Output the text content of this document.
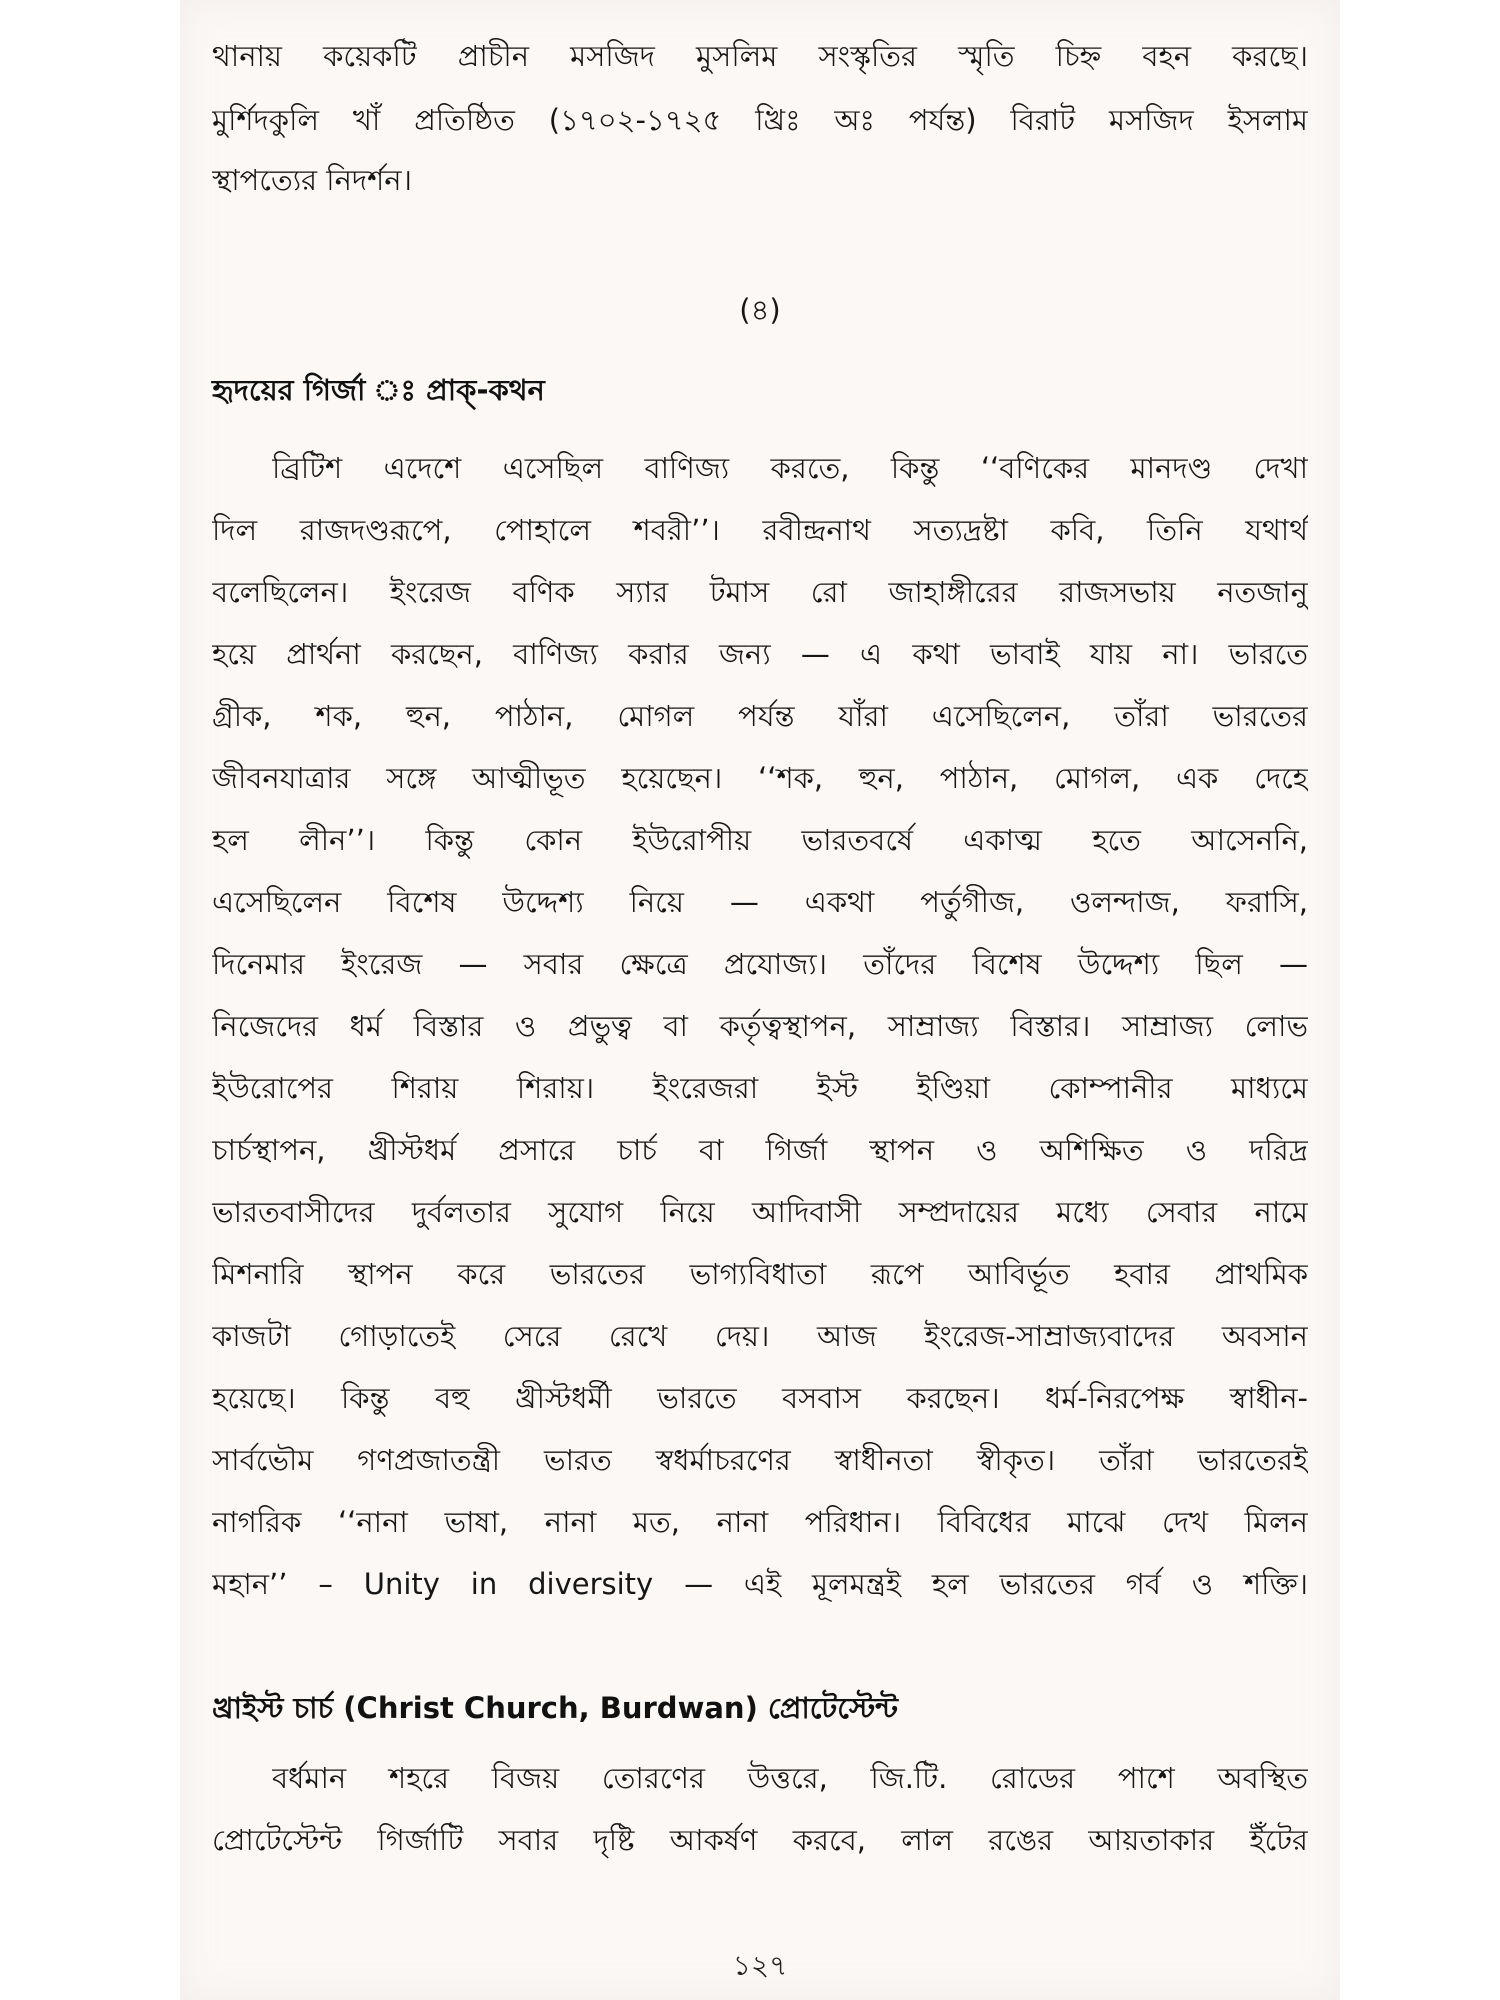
থানায় কয়েকটি প্রাচীন মসজিদ মুসলিম সংস্কৃতির স্মৃতি চিহ্ন বহন করছে।
মুর্শিদকুলি খাঁ প্রতিষ্ঠিত (১৭০২-১৭২৫ খ্রিঃ অঃ পর্যন্ত) বিরাট মসজিদ ইসলাম
স্থাপত্যের নিদর্শন।
(৪)
হৃদয়ের গির্জা ঃ প্রাক্-কথন
ব্রিটিশ এদেশে এসেছিল বাণিজ্য করতে, কিন্তু ‘‘বণিকের মানদণ্ড দেখা
দিল রাজদণ্ডরূপে, পোহালে শবরী’’। রবীন্দ্রনাথ সত্যদ্রষ্টা কবি, তিনি যথার্থ
বলেছিলেন। ইংরেজ বণিক স্যার টমাস রো জাহাঙ্গীরের রাজসভায় নতজানু
হয়ে প্রার্থনা করছেন, বাণিজ্য করার জন্য — এ কথা ভাবাই যায় না। ভারতে
গ্রীক, শক, হুন, পাঠান, মোগল পর্যন্ত যাঁরা এসেছিলেন, তাঁরা ভারতের
জীবনযাত্রার সঙ্গে আত্মীভূত হয়েছেন। ‘‘শক, হুন, পাঠান, মোগল, এক দেহে
হল লীন’’। কিন্তু কোন ইউরোপীয় ভারতবর্ষে একাত্ম হতে আসেননি,
এসেছিলেন বিশেষ উদ্দেশ্য নিয়ে — একথা পর্তুগীজ, ওলন্দাজ, ফরাসি,
দিনেমার ইংরেজ — সবার ক্ষেত্রে প্রযোজ্য। তাঁদের বিশেষ উদ্দেশ্য ছিল —
নিজেদের ধর্ম বিস্তার ও প্রভুত্ব বা কর্তৃত্বস্থাপন, সাম্রাজ্য বিস্তার। সাম্রাজ্য লোভ
ইউরোপের শিরায় শিরায়। ইংরেজরা ইস্ট ইণ্ডিয়া কোম্পানীর মাধ্যমে
চার্চস্থাপন, খ্রীস্টধর্ম প্রসারে চার্চ বা গির্জা স্থাপন ও অশিক্ষিত ও দরিদ্র
ভারতবাসীদের দুর্বলতার সুযোগ নিয়ে আদিবাসী সম্প্রদায়ের মধ্যে সেবার নামে
মিশনারি স্থাপন করে ভারতের ভাগ্যবিধাতা রূপে আবির্ভূত হবার প্রাথমিক
কাজটা গোড়াতেই সেরে রেখে দেয়। আজ ইংরেজ-সাম্রাজ্যবাদের অবসান
হয়েছে। কিন্তু বহু খ্রীস্টধর্মী ভারতে বসবাস করছেন। ধর্ম-নিরপেক্ষ স্বাধীন-
সার্বভৌম গণপ্রজাতন্ত্রী ভারত স্বধর্মাচরণের স্বাধীনতা স্বীকৃত। তাঁরা ভারতেরই
নাগরিক ‘‘নানা ভাষা, নানা মত, নানা পরিধান। বিবিধের মাঝে দেখ মিলন
মহান’’ – Unity in diversity — এই মূলমন্ত্রই হল ভারতের গর্ব ও শক্তি।
খ্রাইস্ট চার্চ (Christ Church, Burdwan) প্রোটেস্টেন্ট
বর্ধমান শহরে বিজয় তোরণের উত্তরে, জি.টি. রোডের পাশে অবস্থিত
প্রোটেস্টেন্ট গির্জাটি সবার দৃষ্টি আকর্ষণ করবে, লাল রঙের আয়তাকার ইঁটের
১২৭
